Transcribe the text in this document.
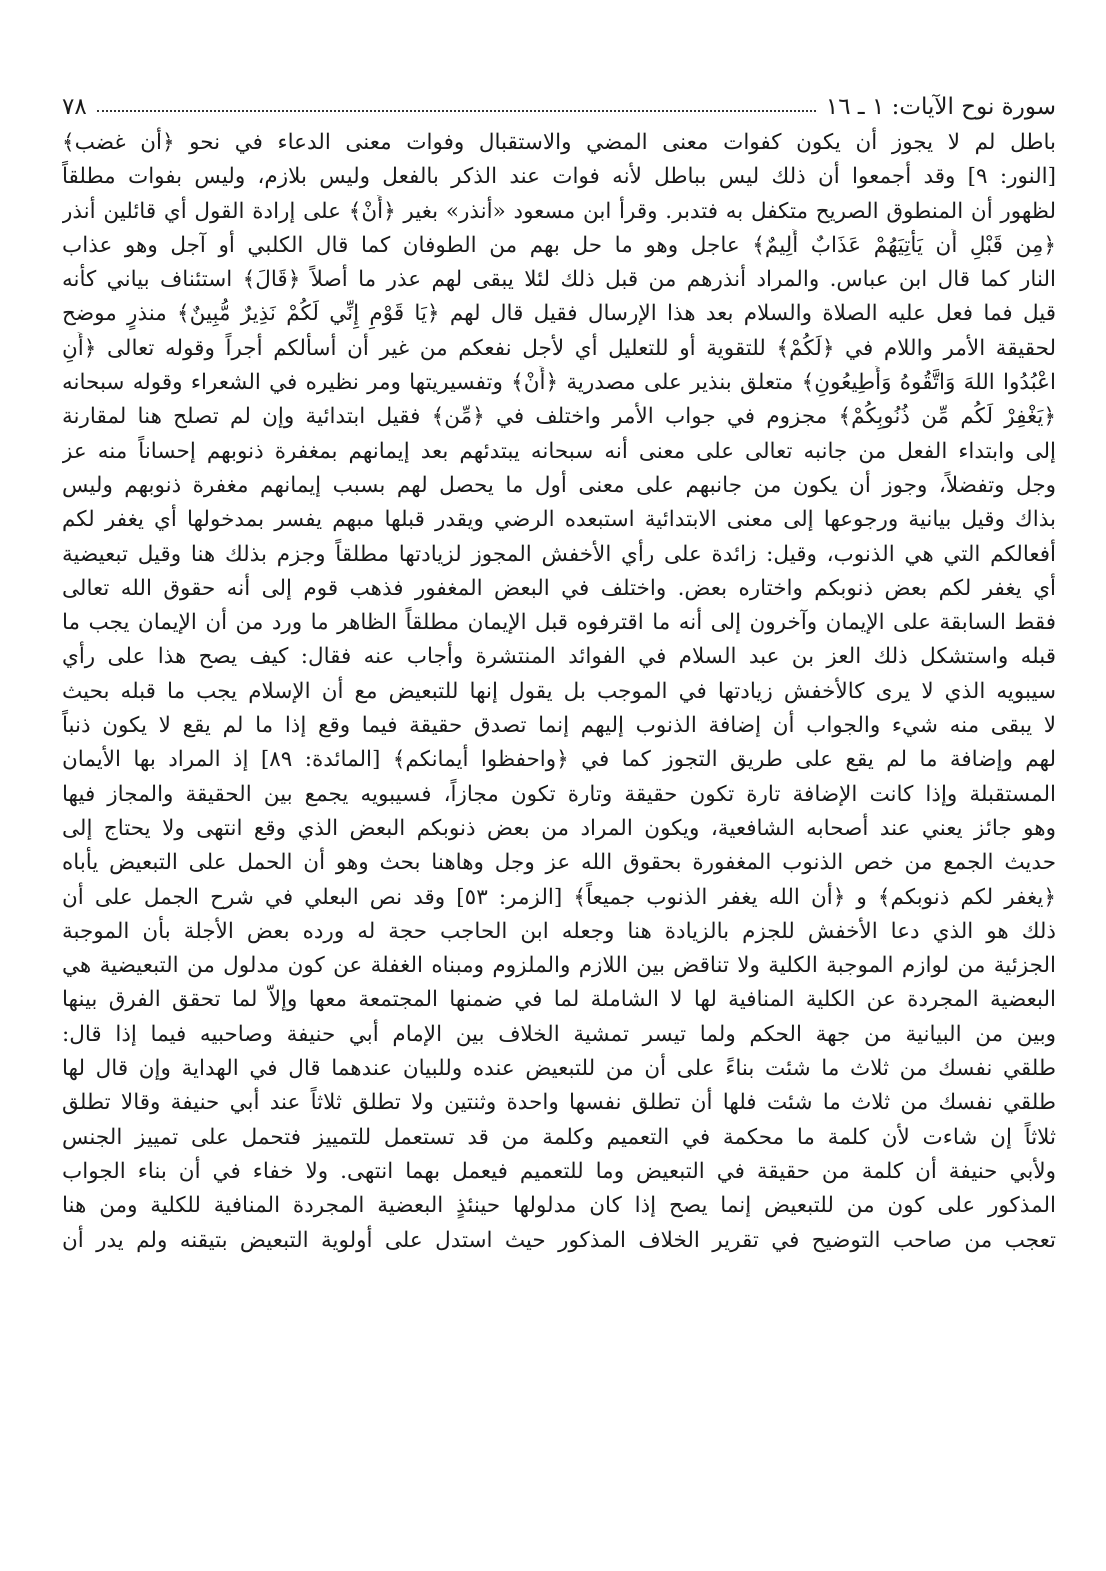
سورة نوح الآيات: ١ ـ ١٦
٧٨
باطل لم لا يجوز أن يكون كفوات معنى المضي والاستقبال وفوات معنى الدعاء في نحو ﴿أن غضب﴾
[النور: ٩] وقد أجمعوا أن ذلك ليس بباطل لأنه فوات عند الذكر بالفعل وليس بلازم، وليس بفوات مطلقاً
لظهور أن المنطوق الصريح متكفل به فتدبر. وقرأ ابن مسعود «أنذر» بغير ﴿أَنْ﴾ على إرادة القول أي قائلين أنذر
﴿مِن قَبْلِ أَن يَأْتِيَهُمْ عَذَابٌ أَلِيمٌ﴾ عاجل وهو ما حل بهم من الطوفان كما قال الكلبي أو آجل وهو عذاب
النار كما قال ابن عباس. والمراد أنذرهم من قبل ذلك لئلا يبقى لهم عذر ما أصلاً ﴿قَالَ﴾ استئناف بياني كأنه
قيل فما فعل عليه الصلاة والسلام بعد هذا الإرسال فقيل قال لهم ﴿يَا قَوْمِ إِنِّي لَكُمْ نَذِيرٌ مُّبِينٌ﴾ منذرٍ موضح
لحقيقة الأمر واللام في ﴿لَكُمْ﴾ للتقوية أو للتعليل أي لأجل نفعكم من غير أن أسألكم أجراً وقوله تعالى ﴿أَنِ
اعْبُدُوا اللهَ وَاتَّقُوهُ وَأَطِيعُونِ﴾ متعلق بنذير على مصدرية ﴿أَنْ﴾ وتفسيريتها ومر نظيره في الشعراء وقوله سبحانه
﴿يَغْفِرْ لَكُم مِّن ذُنُوبِكُمْ﴾ مجزوم في جواب الأمر واختلف في ﴿مِّن﴾ فقيل ابتدائية وإن لم تصلح هنا لمقارنة
إلى وابتداء الفعل من جانبه تعالى على معنى أنه سبحانه يبتدئهم بعد إيمانهم بمغفرة ذنوبهم إحساناً منه عز
وجل وتفضلاً، وجوز أن يكون من جانبهم على معنى أول ما يحصل لهم بسبب إيمانهم مغفرة ذنوبهم وليس
بذاك وقيل بيانية ورجوعها إلى معنى الابتدائية استبعده الرضي ويقدر قبلها مبهم يفسر بمدخولها أي يغفر لكم
أفعالكم التي هي الذنوب، وقيل: زائدة على رأي الأخفش المجوز لزيادتها مطلقاً وجزم بذلك هنا وقيل تبعيضية
أي يغفر لكم بعض ذنوبكم واختاره بعض. واختلف في البعض المغفور فذهب قوم إلى أنه حقوق الله تعالى
فقط السابقة على الإيمان وآخرون إلى أنه ما اقترفوه قبل الإيمان مطلقاً الظاهر ما ورد من أن الإيمان يجب ما
قبله واستشكل ذلك العز بن عبد السلام في الفوائد المنتشرة وأجاب عنه فقال: كيف يصح هذا على رأي
سيبويه الذي لا يرى كالأخفش زيادتها في الموجب بل يقول إنها للتبعيض مع أن الإسلام يجب ما قبله بحيث
لا يبقى منه شيء والجواب أن إضافة الذنوب إليهم إنما تصدق حقيقة فيما وقع إذا ما لم يقع لا يكون ذنباً
لهم وإضافة ما لم يقع على طريق التجوز كما في ﴿واحفظوا أيمانكم﴾ [المائدة: ٨٩] إذ المراد بها الأيمان
المستقبلة وإذا كانت الإضافة تارة تكون حقيقة وتارة تكون مجازاً، فسيبويه يجمع بين الحقيقة والمجاز فيها
وهو جائز يعني عند أصحابه الشافعية، ويكون المراد من بعض ذنوبكم البعض الذي وقع انتهى ولا يحتاج إلى
حديث الجمع من خص الذنوب المغفورة بحقوق الله عز وجل وهاهنا بحث وهو أن الحمل على التبعيض يأباه
﴿يغفر لكم ذنوبكم﴾ و ﴿أن الله يغفر الذنوب جميعاً﴾ [الزمر: ٥٣] وقد نص البعلي في شرح الجمل على أن
ذلك هو الذي دعا الأخفش للجزم بالزيادة هنا وجعله ابن الحاجب حجة له ورده بعض الأجلة بأن الموجبة
الجزئية من لوازم الموجبة الكلية ولا تناقض بين اللازم والملزوم ومبناه الغفلة عن كون مدلول من التبعيضية هي
البعضية المجردة عن الكلية المنافية لها لا الشاملة لما في ضمنها المجتمعة معها وإلاّ لما تحقق الفرق بينها
وبين من البيانية من جهة الحكم ولما تيسر تمشية الخلاف بين الإمام أبي حنيفة وصاحبيه فيما إذا قال:
طلقي نفسك من ثلاث ما شئت بناءً على أن من للتبعيض عنده وللبيان عندهما قال في الهداية وإن قال لها
طلقي نفسك من ثلاث ما شئت فلها أن تطلق نفسها واحدة وثنتين ولا تطلق ثلاثاً عند أبي حنيفة وقالا تطلق
ثلاثاً إن شاءت لأن كلمة ما محكمة في التعميم وكلمة من قد تستعمل للتمييز فتحمل على تمييز الجنس
ولأبي حنيفة أن كلمة من حقيقة في التبعيض وما للتعميم فيعمل بهما انتهى. ولا خفاء في أن بناء الجواب
المذكور على كون من للتبعيض إنما يصح إذا كان مدلولها حينئذٍ البعضية المجردة المنافية للكلية ومن هنا
تعجب من صاحب التوضيح في تقرير الخلاف المذكور حيث استدل على أولوية التبعيض بتيقنه ولم يدر أن
